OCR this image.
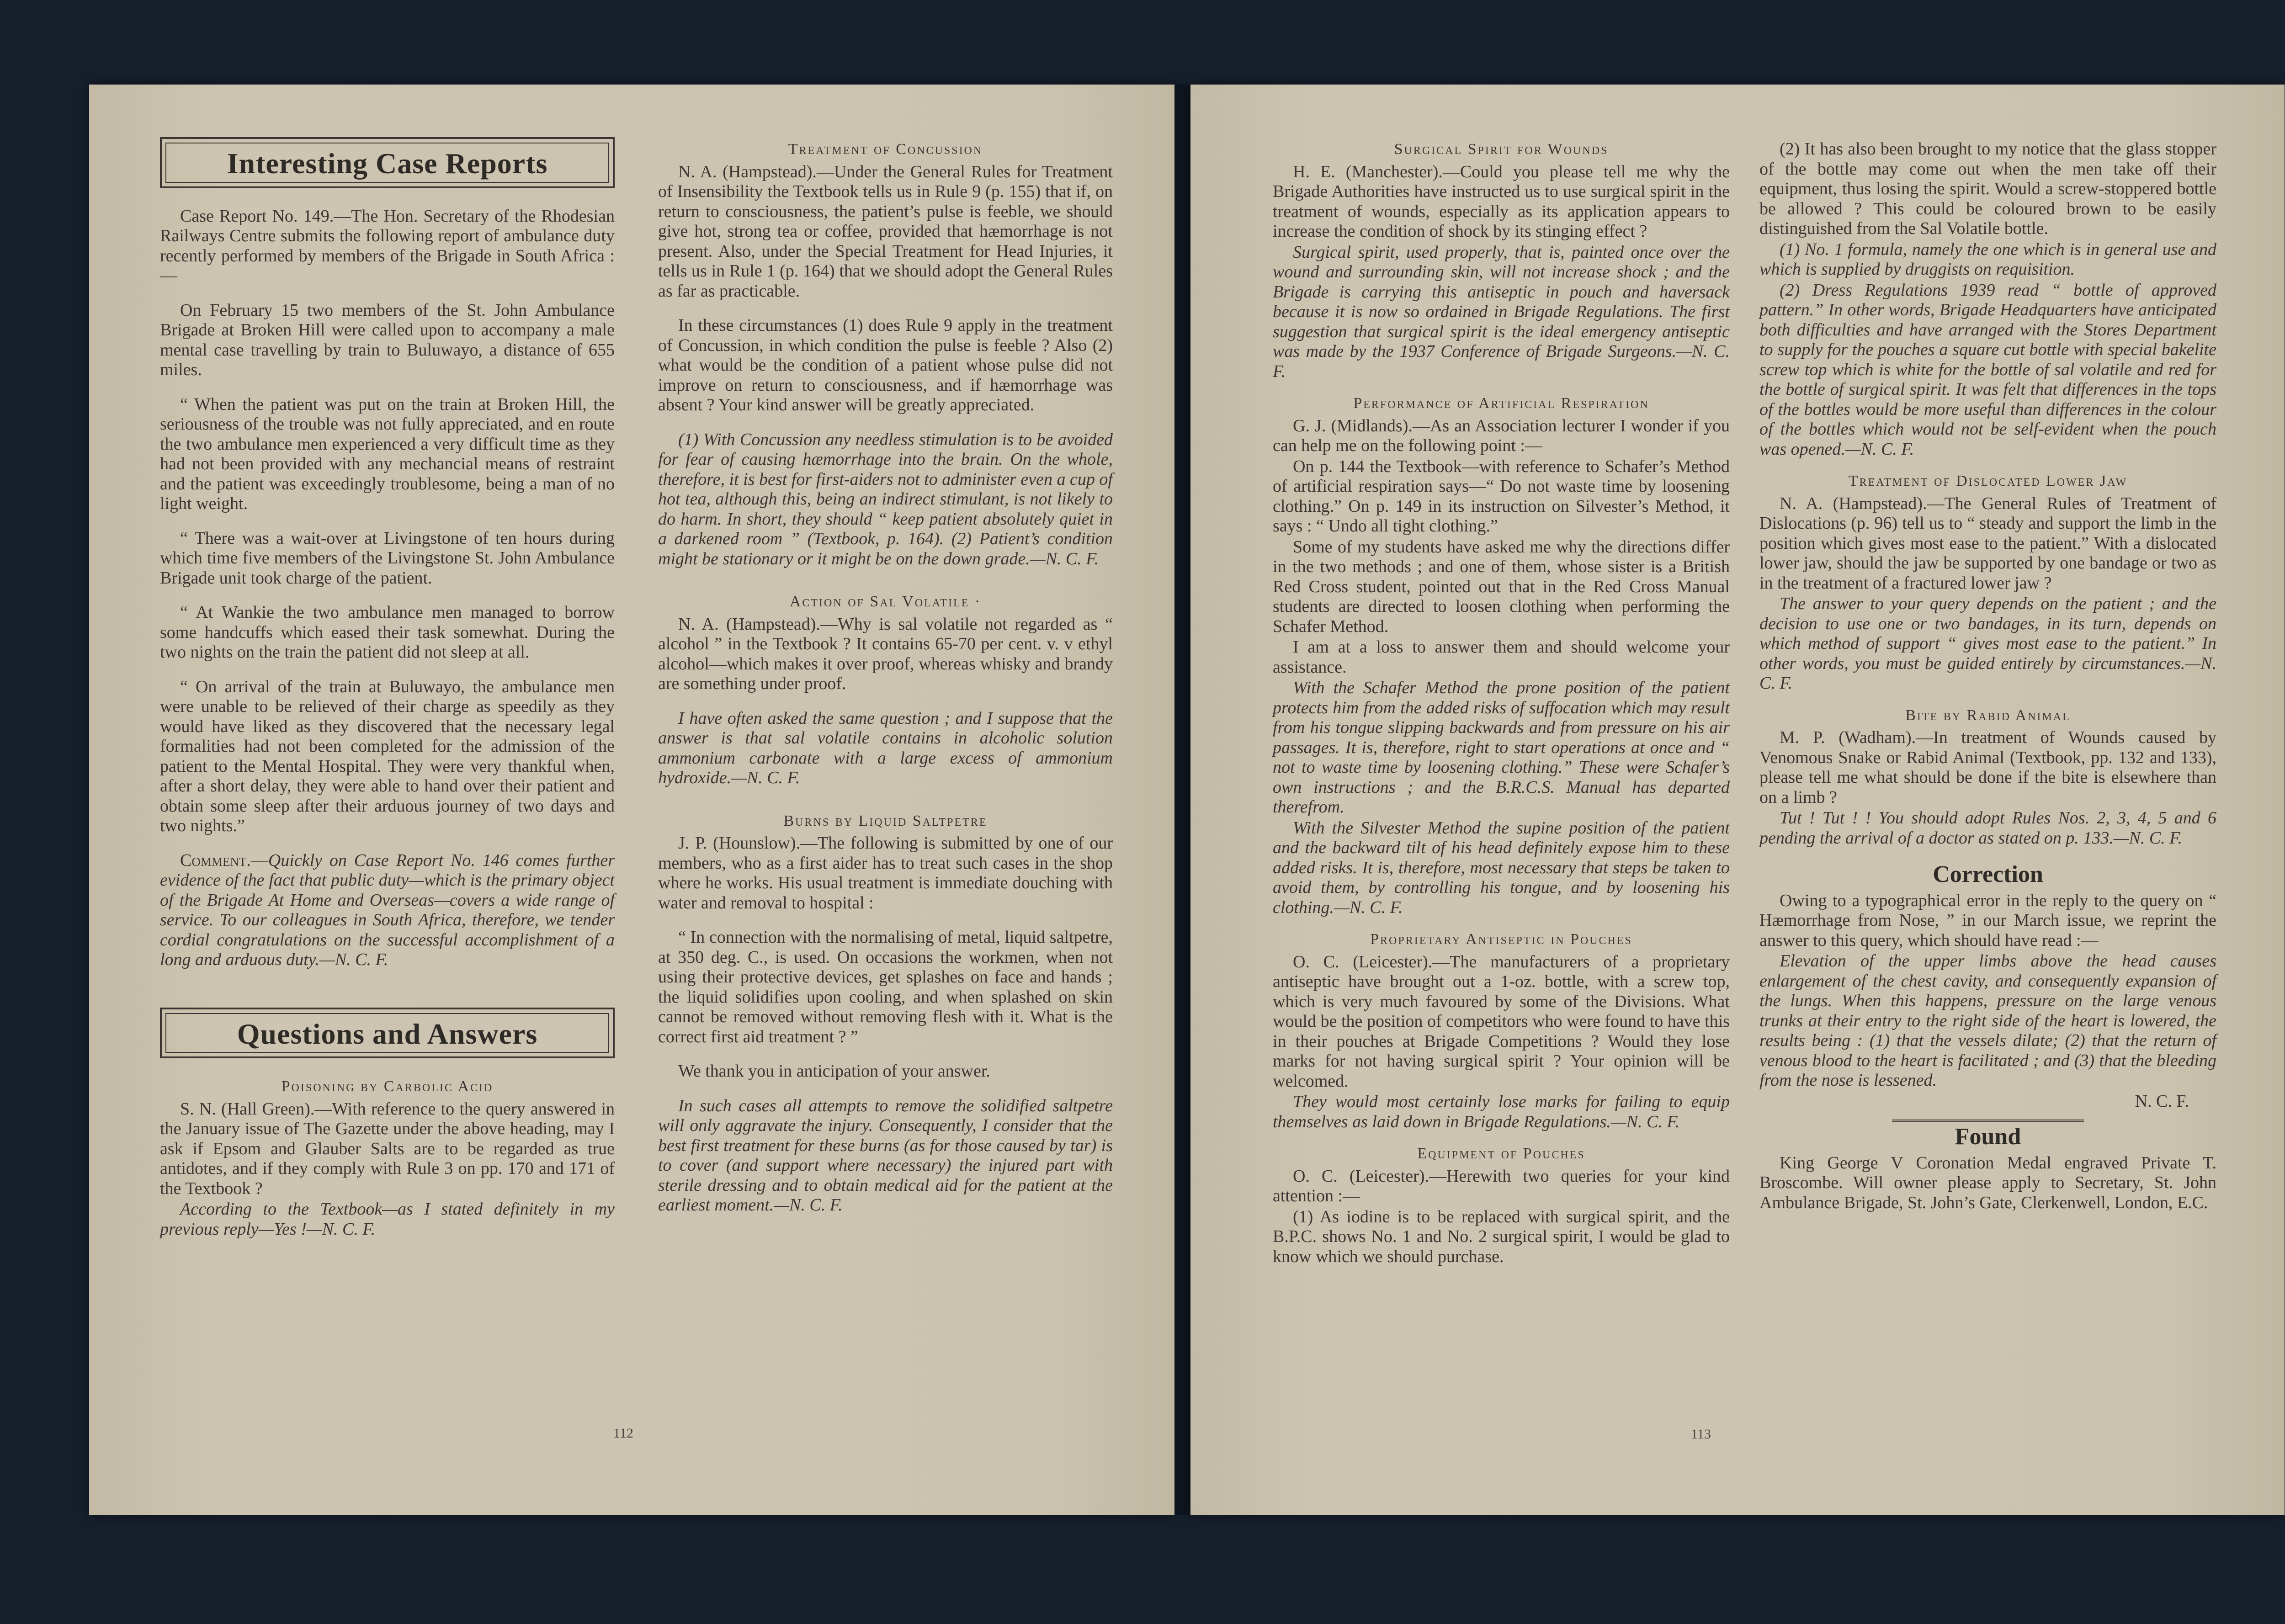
Interesting Case Reports

Case Report No. 149.—The Hon. Secretary of the Rhodesian Railways Centre submits the following report of ambulance duty recently performed by members of the Brigade in South Africa :—

On February 15 two members of the St. John Ambulance Brigade at Broken Hill were called upon to accompany a male mental case travelling by train to Buluwayo, a distance of 655 miles.

“ When the patient was put on the train at Broken Hill, the seriousness of the trouble was not fully appreciated, and en route the two ambulance men experienced a very difficult time as they had not been provided with any mechancial means of restraint and the patient was exceedingly troublesome, being a man of no light weight.

“ There was a wait-over at Livingstone of ten hours during which time five members of the Livingstone St. John Ambulance Brigade unit took charge of the patient.

“ At Wankie the two ambulance men managed to borrow some handcuffs which eased their task somewhat. During the two nights on the train the patient did not sleep at all.

“ On arrival of the train at Buluwayo, the ambulance men were unable to be relieved of their charge as speedily as they would have liked as they discovered that the necessary legal formalities had not been completed for the admission of the patient to the Mental Hospital. They were very thankful when, after a short delay, they were able to hand over their patient and obtain some sleep after their arduous journey of two days and two nights.”

Comment.—Quickly on Case Report No. 146 comes further evidence of the fact that public duty—which is the primary object of the Brigade At Home and Overseas—covers a wide range of service. To our colleagues in South Africa, therefore, we tender cordial congratulations on the successful accomplishment of a long and arduous duty.—N. C. F.

Questions and Answers
Poisoning by Carbolic Acid

S. N. (Hall Green).—With reference to the query answered in the January issue of The Gazette under the above heading, may I ask if Epsom and Glauber Salts are to be regarded as true antidotes, and if they comply with Rule 3 on pp. 170 and 171 of the Textbook ?

According to the Textbook—as I stated definitely in my previous reply—Yes !—N. C. F.

Treatment of Concussion

N. A. (Hampstead).—Under the General Rules for Treatment of Insensibility the Textbook tells us in Rule 9 (p. 155) that if, on return to consciousness, the patient’s pulse is feeble, we should give hot, strong tea or coffee, provided that hæmorrhage is not present. Also, under the Special Treatment for Head Injuries, it tells us in Rule 1 (p. 164) that we should adopt the General Rules as far as practicable.

In these circumstances (1) does Rule 9 apply in the treatment of Concussion, in which condition the pulse is feeble ? Also (2) what would be the condition of a patient whose pulse did not improve on return to consciousness, and if hæmorrhage was absent ? Your kind answer will be greatly appreciated.

(1) With Concussion any needless stimulation is to be avoided for fear of causing hæmorrhage into the brain. On the whole, therefore, it is best for first-aiders not to administer even a cup of hot tea, although this, being an indirect stimulant, is not likely to do harm. In short, they should “ keep patient absolutely quiet in a darkened room ” (Textbook, p. 164). (2) Patient’s condition might be stationary or it might be on the down grade.—N. C. F.

Action of Sal Volatile ·

N. A. (Hampstead).—Why is sal volatile not regarded as “ alcohol ” in the Textbook ? It contains 65-70 per cent. v. v ethyl alcohol—which makes it over proof, whereas whisky and brandy are something under proof.

I have often asked the same question ; and I suppose that the answer is that sal volatile contains in alcoholic solution ammonium carbonate with a large excess of ammonium hydroxide.—N. C. F.

Burns by Liquid Saltpetre

J. P. (Hounslow).—The following is submitted by one of our members, who as a first aider has to treat such cases in the shop where he works. His usual treatment is immediate douching with water and removal to hospital :

“ In connection with the normalising of metal, liquid saltpetre, at 350 deg. C., is used. On occasions the workmen, when not using their protective devices, get splashes on face and hands ; the liquid solidifies upon cooling, and when splashed on skin cannot be removed without removing flesh with it. What is the correct first aid treatment ? ”

We thank you in anticipation of your answer.

In such cases all attempts to remove the solidified saltpetre will only aggravate the injury. Consequently, I consider that the best first treatment for these burns (as for those caused by tar) is to cover (and support where necessary) the injured part with sterile dressing and to obtain medical aid for the patient at the earliest moment.—N. C. F.

112
Surgical Spirit for Wounds

H. E. (Manchester).—Could you please tell me why the Brigade Authorities have instructed us to use surgical spirit in the treatment of wounds, especially as its application appears to increase the condition of shock by its stinging effect ?

Surgical spirit, used properly, that is, painted once over the wound and surrounding skin, will not increase shock ; and the Brigade is carrying this antiseptic in pouch and haversack because it is now so ordained in Brigade Regulations. The first suggestion that surgical spirit is the ideal emergency antiseptic was made by the 1937 Conference of Brigade Surgeons.—N. C. F.

Performance of Artificial Respiration

G. J. (Midlands).—As an Association lecturer I wonder if you can help me on the following point :—

On p. 144 the Textbook—with reference to Schafer’s Method of artificial respiration says—“ Do not waste time by loosening clothing.” On p. 149 in its instruction on Silvester’s Method, it says : “ Undo all tight clothing.”

Some of my students have asked me why the directions differ in the two methods ; and one of them, whose sister is a British Red Cross student, pointed out that in the Red Cross Manual students are directed to loosen clothing when performing the Schafer Method.

I am at a loss to answer them and should welcome your assistance.

With the Schafer Method the prone position of the patient protects him from the added risks of suffocation which may result from his tongue slipping backwards and from pressure on his air passages. It is, therefore, right to start operations at once and “ not to waste time by loosening clothing.” These were Schafer’s own instructions ; and the B.R.C.S. Manual has departed therefrom.

With the Silvester Method the supine position of the patient and the backward tilt of his head definitely expose him to these added risks. It is, therefore, most necessary that steps be taken to avoid them, by controlling his tongue, and by loosening his clothing.—N. C. F.

Proprietary Antiseptic in Pouches

O. C. (Leicester).—The manufacturers of a proprietary antiseptic have brought out a 1-oz. bottle, with a screw top, which is very much favoured by some of the Divisions. What would be the position of competitors who were found to have this in their pouches at Brigade Competitions ? Would they lose marks for not having surgical spirit ? Your opinion will be welcomed.

They would most certainly lose marks for failing to equip themselves as laid down in Brigade Regulations.—N. C. F.

Equipment of Pouches

O. C. (Leicester).—Herewith two queries for your kind attention :—

(1) As iodine is to be replaced with surgical spirit, and the B.P.C. shows No. 1 and No. 2 surgical spirit, I would be glad to know which we should purchase.

(2) It has also been brought to my notice that the glass stopper of the bottle may come out when the men take off their equipment, thus losing the spirit. Would a screw-stoppered bottle be allowed ? This could be coloured brown to be easily distinguished from the Sal Volatile bottle.

(1) No. 1 formula, namely the one which is in general use and which is supplied by druggists on requisition.

(2) Dress Regulations 1939 read “ bottle of approved pattern.” In other words, Brigade Headquarters have anticipated both difficulties and have arranged with the Stores Department to supply for the pouches a square cut bottle with special bakelite screw top which is white for the bottle of sal volatile and red for the bottle of surgical spirit. It was felt that differences in the tops of the bottles would be more useful than differences in the colour of the bottles which would not be self-evident when the pouch was opened.—N. C. F.

Treatment of Dislocated Lower Jaw

N. A. (Hampstead).—The General Rules of Treatment of Dislocations (p. 96) tell us to “ steady and support the limb in the position which gives most ease to the patient.” With a dislocated lower jaw, should the jaw be supported by one bandage or two as in the treatment of a fractured lower jaw ?

The answer to your query depends on the patient ; and the decision to use one or two bandages, in its turn, depends on which method of support “ gives most ease to the patient.” In other words, you must be guided entirely by circumstances.—N. C. F.

Bite by Rabid Animal

M. P. (Wadham).—In treatment of Wounds caused by Venomous Snake or Rabid Animal (Textbook, pp. 132 and 133), please tell me what should be done if the bite is elsewhere than on a limb ?

Tut ! Tut ! ! You should adopt Rules Nos. 2, 3, 4, 5 and 6 pending the arrival of a doctor as stated on p. 133.—N. C. F.

Correction

Owing to a typographical error in the reply to the query on “ Hæmorrhage from Nose, ” in our March issue, we reprint the answer to this query, which should have read :—

Elevation of the upper limbs above the head causes enlargement of the chest cavity, and consequently expansion of the lungs. When this happens, pressure on the large venous trunks at their entry to the right side of the heart is lowered, the results being : (1) that the vessels dilate; (2) that the return of venous blood to the heart is facilitated ; and (3) that the bleeding from the nose is lessened.

N. C. F.
Found

King George V Coronation Medal engraved Private T. Broscombe. Will owner please apply to Secretary, St. John Ambulance Brigade, St. John’s Gate, Clerkenwell, London, E.C.

113
